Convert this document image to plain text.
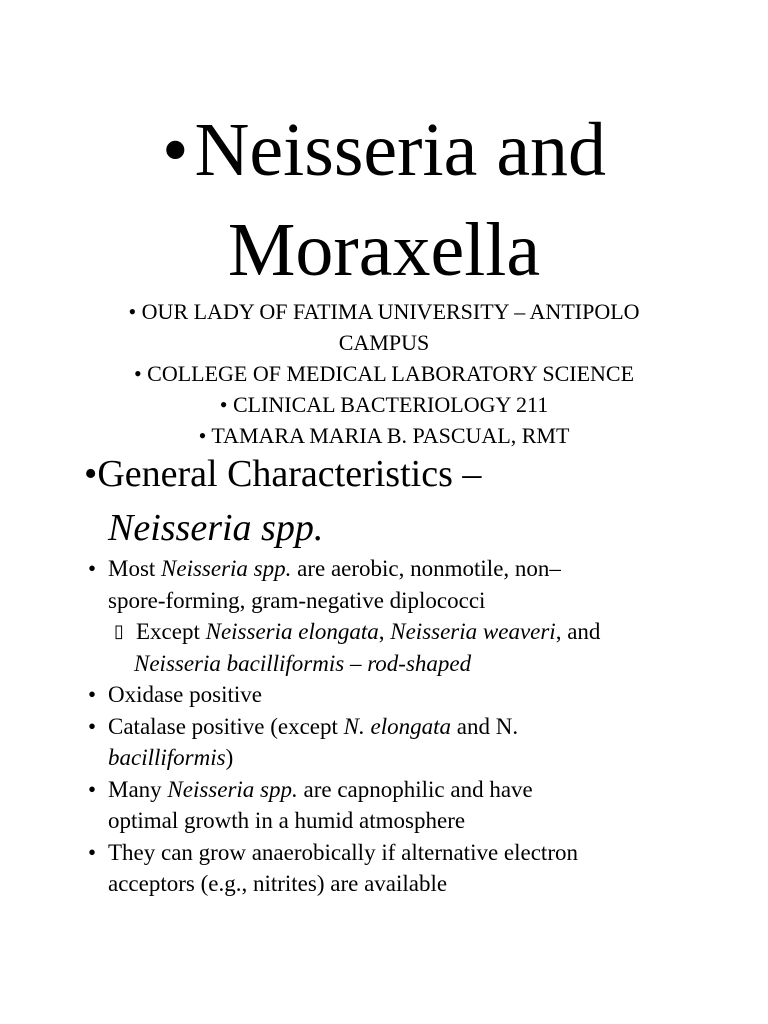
•Neisseria and
Moraxella
• OUR LADY OF FATIMA UNIVERSITY – ANTIPOLO
CAMPUS
• COLLEGE OF MEDICAL LABORATORY SCIENCE
• CLINICAL BACTERIOLOGY 211
• TAMARA MARIA B. PASCUAL, RMT
•General Characteristics –
Neisseria spp.
• Most Neisseria spp. are aerobic, nonmotile, non–
spore-forming, gram-negative diplococci
▯ Except Neisseria elongata, Neisseria weaveri, and
Neisseria bacilliformis – rod-shaped
• Oxidase positive
• Catalase positive (except N. elongata and N.
bacilliformis)
• Many Neisseria spp. are capnophilic and have
optimal growth in a humid atmosphere
• They can grow anaerobically if alternative electron
acceptors (e.g., nitrites) are available
